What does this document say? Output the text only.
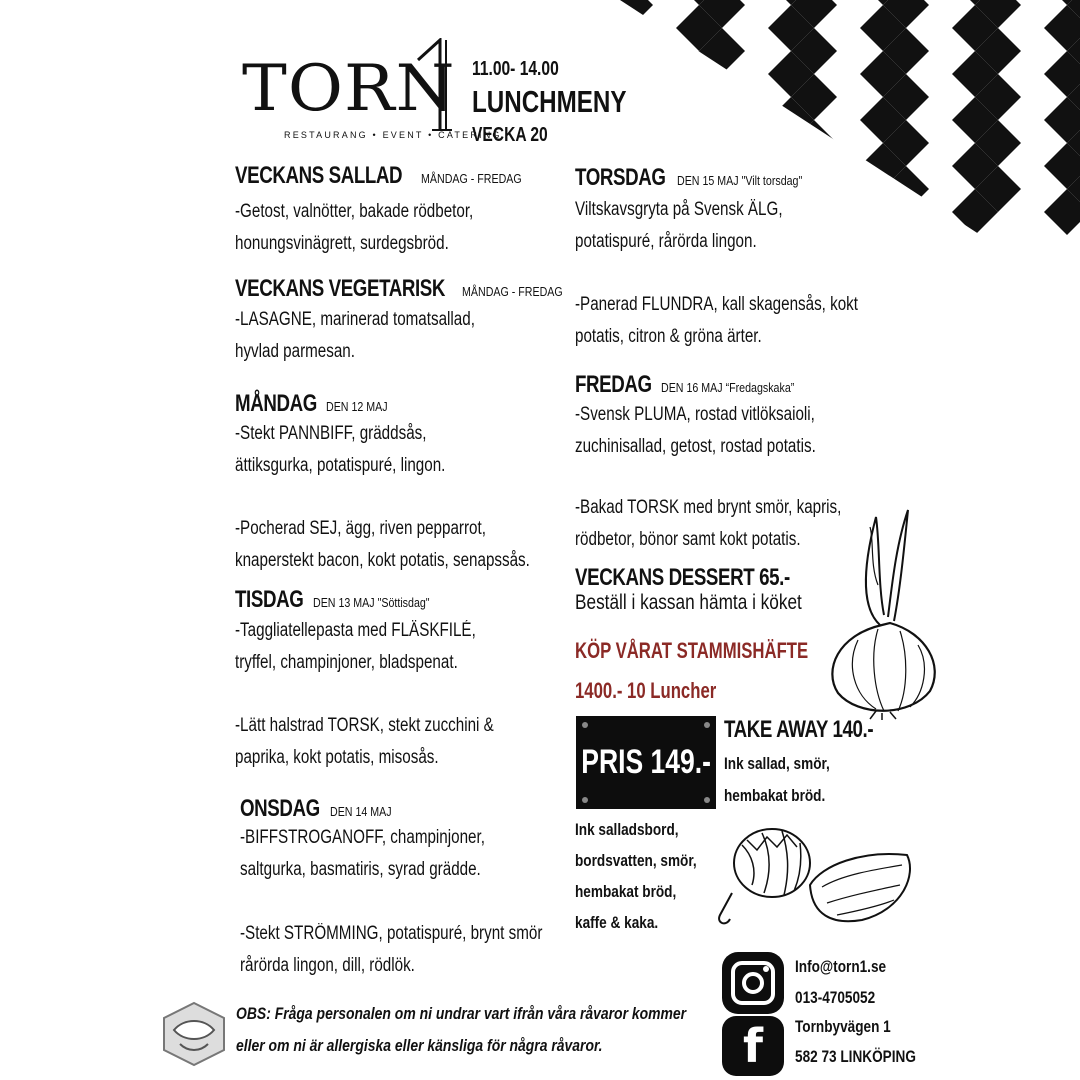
TORN
RESTAURANG • EVENT • CATERING
11.00- 14.00
LUNCHMENY
VECKA 20
VECKANS SALLAD MÅNDAG - FREDAG
-Getost, valnötter, bakade rödbetor,
honungsvinägrett, surdegsbröd.
VECKANS VEGETARISK MÅNDAG - FREDAG
-LASAGNE, marinerad tomatsallad,
hyvlad parmesan.
MÅNDAG DEN 12 MAJ
-Stekt PANNBIFF, gräddsås,
ättiksgurka, potatispuré, lingon.
-Pocherad SEJ, ägg, riven pepparrot,
knaperstekt bacon, kokt potatis, senapssås.
TISDAG DEN 13 MAJ "Söttisdag"
-Taggliatellepasta med FLÄSKFILÉ,
tryffel, champinjoner, bladspenat.
-Lätt halstrad TORSK, stekt zucchini &
paprika, kokt potatis, misosås.
ONSDAG DEN 14 MAJ
-BIFFSTROGANOFF, champinjoner,
saltgurka, basmatiris, syrad grädde.
-Stekt STRÖMMING, potatispuré, brynt smör
rårörda lingon, dill, rödlök.
TORSDAG DEN 15 MAJ "Vilt torsdag"
Viltskavsgryta på Svensk ÄLG,
potatispuré, rårörda lingon.
-Panerad FLUNDRA, kall skagensås, kokt
potatis, citron & gröna ärter.
FREDAG DEN 16 MAJ “Fredagskaka”
-Svensk PLUMA, rostad vitlöksaioli,
zuchinisallad, getost, rostad potatis.
-Bakad TORSK med brynt smör, kapris,
rödbetor, bönor samt kokt potatis.
VECKANS DESSERT 65.-
Beställ i kassan hämta i köket
KÖP VÅRAT STAMMISHÄFTE
1400.- 10 Luncher
PRIS 149.-
TAKE AWAY 140.-
Ink sallad, smör,
hembakat bröd.
Ink salladsbord,
bordsvatten, smör,
hembakat bröd,
kaffe & kaka.
f
Info@torn1.se
013-4705052
Tornbyvägen 1
582 73 LINKÖPING
OBS: Fråga personalen om ni undrar vart ifrån våra råvaror kommer
eller om ni är allergiska eller känsliga för några råvaror.
